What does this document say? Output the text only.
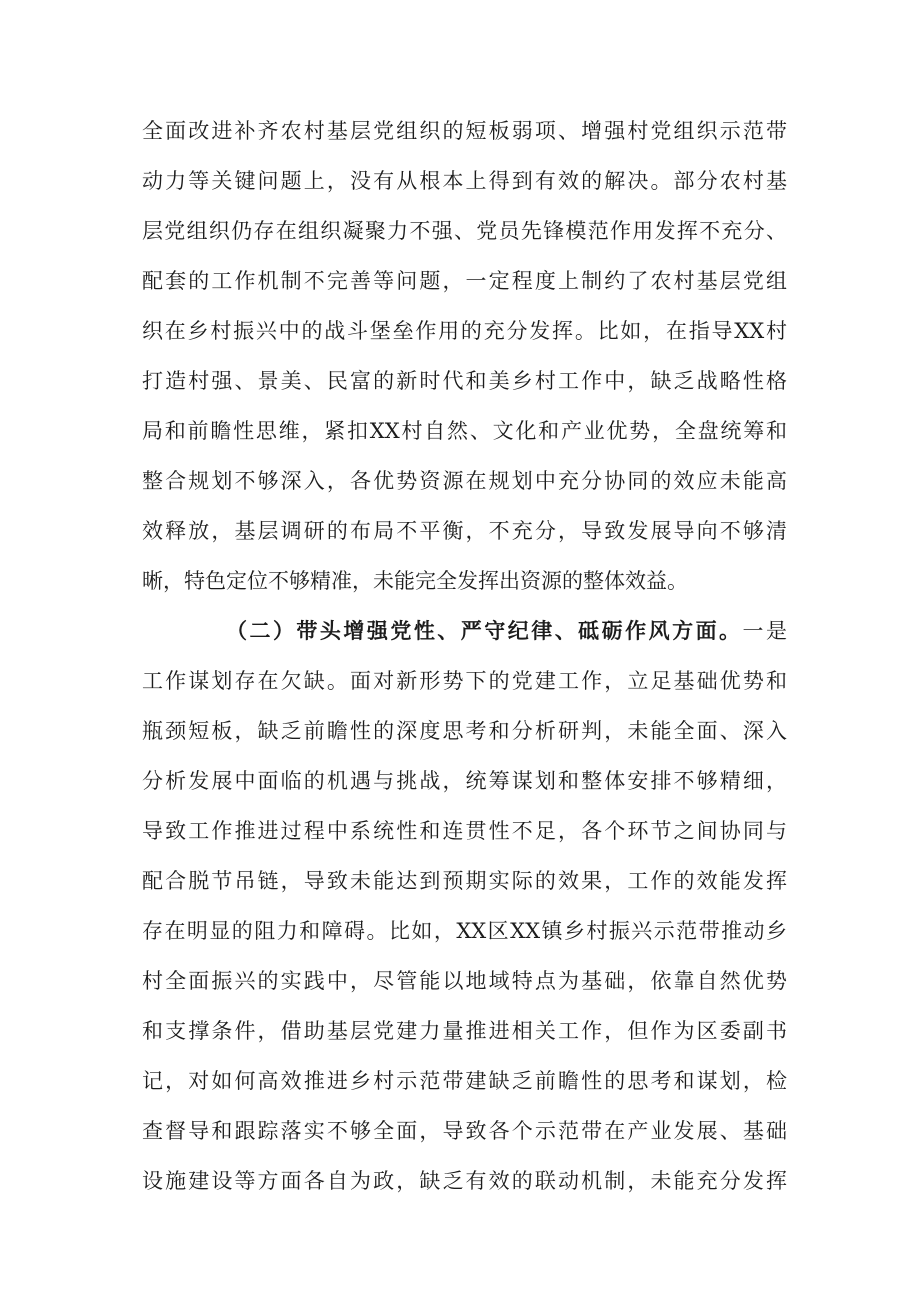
全面改进补齐农村基层党组织的短板弱项、增强村党组织示范带
动力等关键问题上，没有从根本上得到有效的解决。部分农村基
层党组织仍存在组织凝聚力不强、党员先锋模范作用发挥不充分、
配套的工作机制不完善等问题，一定程度上制约了农村基层党组
织在乡村振兴中的战斗堡垒作用的充分发挥。比如，在指导XX村
打造村强、景美、民富的新时代和美乡村工作中，缺乏战略性格
局和前瞻性思维，紧扣XX村自然、文化和产业优势，全盘统筹和
整合规划不够深入，各优势资源在规划中充分协同的效应未能高
效释放，基层调研的布局不平衡，不充分，导致发展导向不够清
晰，特色定位不够精准，未能完全发挥出资源的整体效益。
（二）带头增强党性、严守纪律、砥砺作风方面。一是
工作谋划存在欠缺。面对新形势下的党建工作，立足基础优势和
瓶颈短板，缺乏前瞻性的深度思考和分析研判，未能全面、深入
分析发展中面临的机遇与挑战，统筹谋划和整体安排不够精细，
导致工作推进过程中系统性和连贯性不足，各个环节之间协同与
配合脱节吊链，导致未能达到预期实际的效果，工作的效能发挥
存在明显的阻力和障碍。比如，XX区XX镇乡村振兴示范带推动乡
村全面振兴的实践中，尽管能以地域特点为基础，依靠自然优势
和支撑条件，借助基层党建力量推进相关工作，但作为区委副书
记，对如何高效推进乡村示范带建缺乏前瞻性的思考和谋划，检
查督导和跟踪落实不够全面，导致各个示范带在产业发展、基础
设施建设等方面各自为政，缺乏有效的联动机制，未能充分发挥
